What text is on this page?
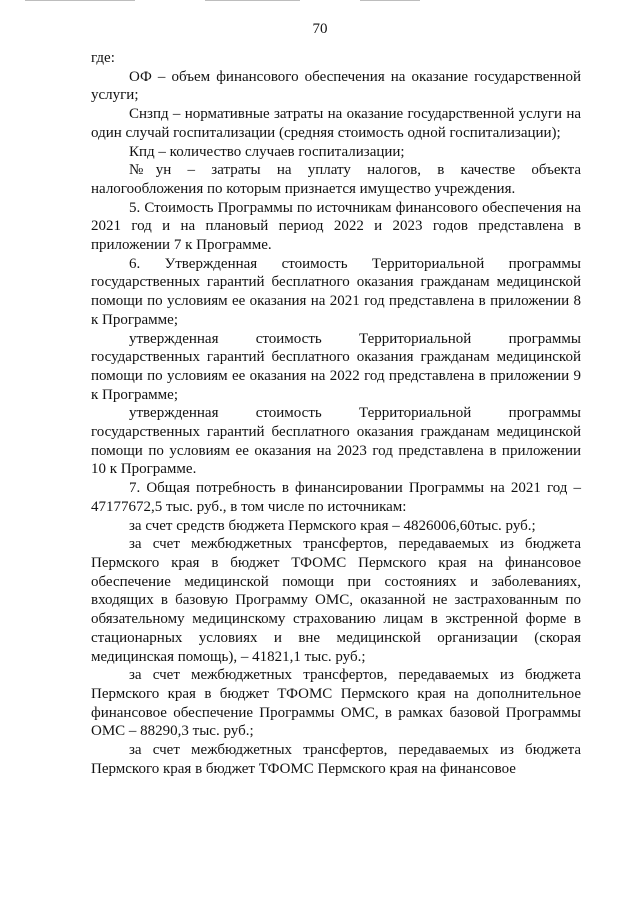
70

где:

ОФ – объем финансового обеспечения на оказание государственной услуги;

Снзпд – нормативные затраты на оказание государственной услуги на один случай госпитализации (средняя стоимость одной госпитализации);

Кпд – количество случаев госпитализации;

№ун – затраты на уплату налогов, в качестве объекта налогообложения по которым признается имущество учреждения.

5. Стоимость Программы по источникам финансового обеспечения на 2021 год и на плановый период 2022 и 2023 годов представлена в приложении 7 к Программе.

6. Утвержденная стоимость Территориальной программы государственных гарантий бесплатного оказания гражданам медицинской помощи по условиям ее оказания на 2021 год представлена в приложении 8 к Программе;

утвержденная стоимость Территориальной программы государственных гарантий бесплатного оказания гражданам медицинской помощи по условиям ее оказания на 2022 год представлена в приложении 9 к Программе;

утвержденная стоимость Территориальной программы государственных гарантий бесплатного оказания гражданам медицинской помощи по условиям ее оказания на 2023 год представлена в приложении 10 к Программе.

7. Общая потребность в финансировании Программы на 2021 год – 47177672,5 тыс. руб., в том числе по источникам:

за счет средств бюджета Пермского края – 4826006,60тыс. руб.;

за счет межбюджетных трансфертов, передаваемых из бюджета Пермского края в бюджет ТФОМС Пермского края на финансовое обеспечение медицинской помощи при состояниях и заболеваниях, входящих в базовую Программу ОМС, оказанной не застрахованным по обязательному медицинскому страхованию лицам в экстренной форме в стационарных условиях и вне медицинской организации (скорая медицинская помощь), – 41821,1 тыс. руб.;

за счет межбюджетных трансфертов, передаваемых из бюджета Пермского края в бюджет ТФОМС Пермского края на дополнительное финансовое обеспечение Программы ОМС, в рамках базовой Программы ОМС – 88290,3 тыс. руб.;

за счет межбюджетных трансфертов, передаваемых из бюджета Пермского края в бюджет ТФОМС Пермского края на финансовое
